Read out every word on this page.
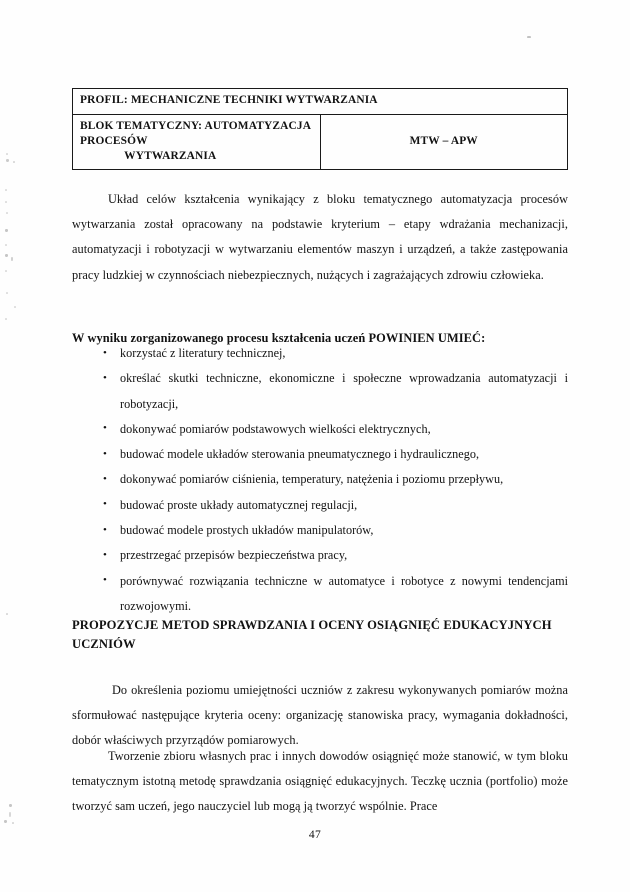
PROFIL: MECHANICZNE TECHNIKI WYTWARZANIA
BLOK TEMATYCZNY: AUTOMATYZACJA PROCESÓW
WYTWARZANIA
	MTW – APW

Układ celów kształcenia wynikający z bloku tematycznego automatyzacja procesów wytwarzania został opracowany na podstawie kryterium – etapy wdrażania mechanizacji, automatyzacji i robotyzacji w wytwarzaniu elementów maszyn i urządzeń, a także zastępowania pracy ludzkiej w czynnościach niebezpiecznych, nużących i zagrażających zdrowiu człowieka.

W wyniku zorganizowanego procesu kształcenia uczeń POWINIEN UMIEĆ:
• korzystać z literatury technicznej,
• określać skutki techniczne, ekonomiczne i społeczne wprowadzania automatyzacji i robotyzacji,
• dokonywać pomiarów podstawowych wielkości elektrycznych,
• budować modele układów sterowania pneumatycznego i hydraulicznego,
• dokonywać pomiarów ciśnienia, temperatury, natężenia i poziomu przepływu,
• budować proste układy automatycznej regulacji,
• budować modele prostych układów manipulatorów,
• przestrzegać przepisów bezpieczeństwa pracy,
• porównywać rozwiązania techniczne w automatyce i robotyce z nowymi tendencjami rozwojowymi.
PROPOZYCJE METOD SPRAWDZANIA I OCENY OSIĄGNIĘĆ EDUKACYJNYCH
UCZNIÓW

Do określenia poziomu umiejętności uczniów z zakresu wykonywanych pomiarów można sformułować następujące kryteria oceny: organizację stanowiska pracy, wymagania dokładności, dobór właściwych przyrządów pomiarowych.

Tworzenie zbioru własnych prac i innych dowodów osiągnięć może stanowić, w tym bloku tematycznym istotną metodę sprawdzania osiągnięć edukacyjnych. Teczkę ucznia (portfolio) może tworzyć sam uczeń, jego nauczyciel lub mogą ją tworzyć wspólnie. Prace

47
